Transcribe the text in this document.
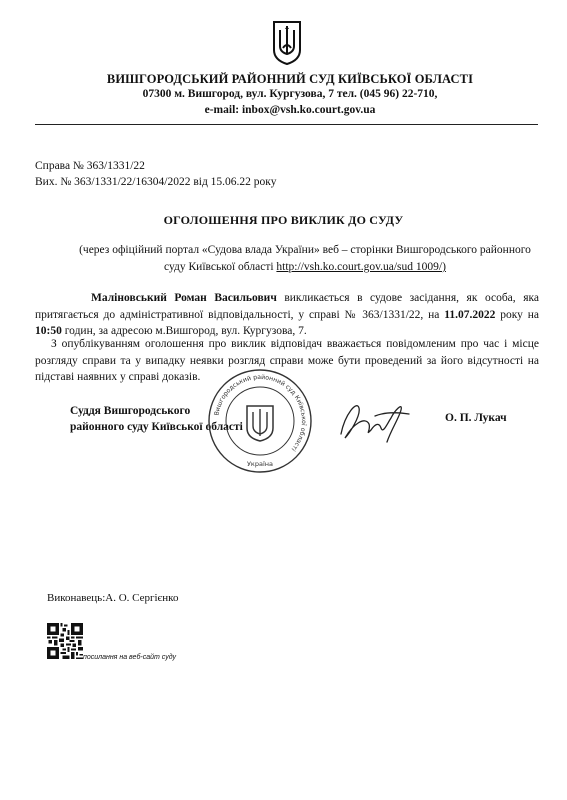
ВИШГОРОДСЬКИЙ РАЙОННИЙ СУД КИЇВСЬКОЇ ОБЛАСТІ
07300 м. Вишгород, вул. Кургузова, 7 тел. (045 96) 22-710,
e-mail: inbox@vsh.ko.court.gov.ua
Справа № 363/1331/22
Вих. № 363/1331/22/16304/2022 від 15.06.22 року
ОГОЛОШЕННЯ ПРО ВИКЛИК ДО СУДУ
(через офіційний портал «Судова влада України» веб – сторінки Вишгородського районного суду Київської області http://vsh.ko.court.gov.ua/sud 1009/)
Маліновський Роман Васильович викликається в судове засідання, як особа, яка притягається до адміністративної відповідальності, у справі № 363/1331/22, на 11.07.2022 року на 10:50 годин, за адресою м.Вишгород, вул. Кургузова, 7.
З опублікуванням оголошення про виклик відповідач вважається повідомленим про час і місце розгляду справи та у випадку неявки розгляд справи може бути проведений за його відсутності на підставі наявних у справі доказів.
Суддя Вишгородського
районного суду Київської області
Вишгородський районний суд Київської області
Україна
О. П. Лукач
Виконавець:А. О. Сергієнко
посилання на веб-сайт суду
